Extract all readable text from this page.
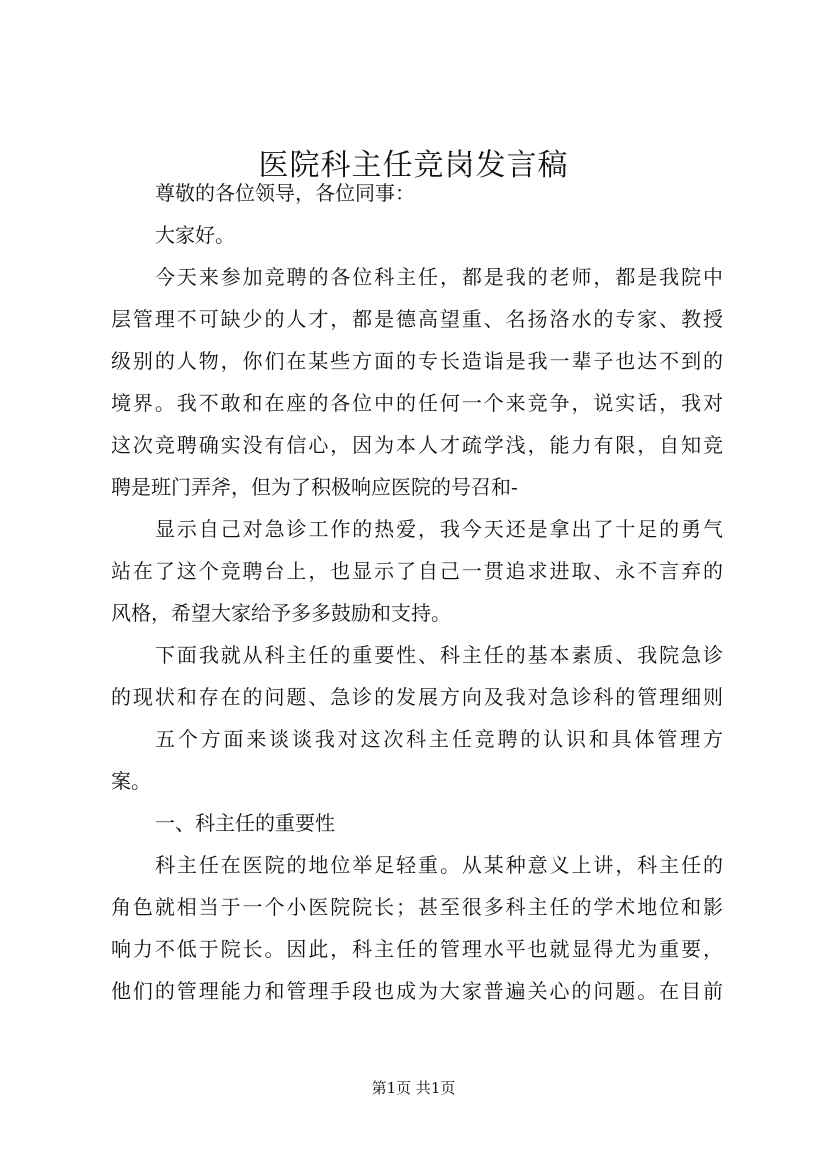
医院科主任竞岗发言稿

尊敬的各位领导，各位同事：

大家好。

今天来参加竞聘的各位科主任，都是我的老师，都是我院中

层管理不可缺少的人才，都是德高望重、名扬洛水的专家、教授

级别的人物，你们在某些方面的专长造诣是我一辈子也达不到的

境界。我不敢和在座的各位中的任何一个来竞争，说实话，我对

这次竞聘确实没有信心，因为本人才疏学浅，能力有限，自知竞

聘是班门弄斧，但为了积极响应医院的号召和-

显示自己对急诊工作的热爱，我今天还是拿出了十足的勇气

站在了这个竞聘台上，也显示了自己一贯追求进取、永不言弃的

风格，希望大家给予多多鼓励和支持。

下面我就从科主任的重要性、科主任的基本素质、我院急诊

的现状和存在的问题、急诊的发展方向及我对急诊科的管理细则

五个方面来谈谈我对这次科主任竞聘的认识和具体管理方

案。

一、科主任的重要性

科主任在医院的地位举足轻重。从某种意义上讲，科主任的

角色就相当于一个小医院院长；甚至很多科主任的学术地位和影

响力不低于院长。因此，科主任的管理水平也就显得尤为重要，

他们的管理能力和管理手段也成为大家普遍关心的问题。在目前

第1页 共1页
